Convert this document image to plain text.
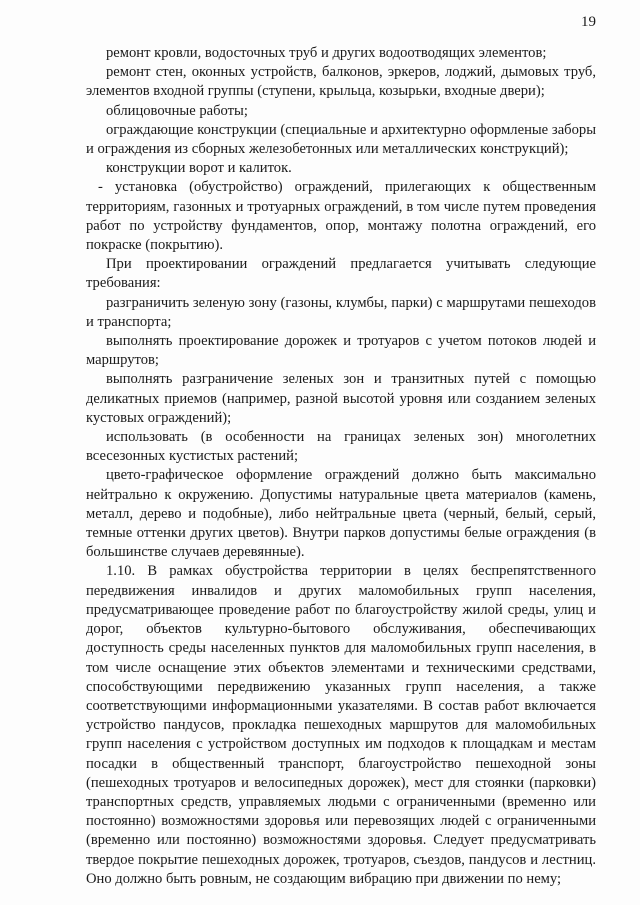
19

ремонт кровли, водосточных труб и других водоотводящих элементов;

ремонт стен, оконных устройств, балконов, эркеров, лоджий, дымовых труб, элементов входной группы (ступени, крыльца, козырьки, входные двери);

облицовочные работы;

ограждающие конструкции (специальные и архитектурно оформленые заборы и ограждения из сборных железобетонных или металлических конструкций);

конструкции ворот и калиток.

- установка (обустройство) ограждений, прилегающих к общественным территориям, газонных и тротуарных ограждений, в том числе путем проведения работ по устройству фундаментов, опор, монтажу полотна ограждений, его покраске (покрытию).

При проектировании ограждений предлагается учитывать следующие требования:

разграничить зеленую зону (газоны, клумбы, парки) с маршрутами пешеходов и транспорта;

выполнять проектирование дорожек и тротуаров с учетом потоков людей и маршрутов;

выполнять разграничение зеленых зон и транзитных путей с помощью деликатных приемов (например, разной высотой уровня или созданием зеленых кустовых ограждений);

использовать (в особенности на границах зеленых зон) многолетних всесезонных кустистых растений;

цвето-графическое оформление ограждений должно быть максимально нейтрально к окружению. Допустимы натуральные цвета материалов (камень, металл, дерево и подобные), либо нейтральные цвета (черный, белый, серый, темные оттенки других цветов). Внутри парков допустимы белые ограждения (в большинстве случаев деревянные).

1.10. В рамках обустройства территории в целях беспрепятственного передвижения инвалидов и других маломобильных групп населения, предусматривающее проведение работ по благоустройству жилой среды, улиц и дорог, объектов культурно-бытового обслуживания, обеспечивающих доступность среды населенных пунктов для маломобильных групп населения, в том числе оснащение этих объектов элементами и техническими средствами, способствующими передвижению указанных групп населения, а также соответствующими информационными указателями. В состав работ включается устройство пандусов, прокладка пешеходных маршрутов для маломобильных групп населения с устройством доступных им подходов к площадкам и местам посадки в общественный транспорт, благоустройство пешеходной зоны (пешеходных тротуаров и велосипедных дорожек), мест для стоянки (парковки) транспортных средств, управляемых людьми с ограниченными (временно или постоянно) возможностями здоровья или перевозящих людей с ограниченными (временно или постоянно) возможностями здоровья. Следует предусматривать твердое покрытие пешеходных дорожек, тротуаров, съездов, пандусов и лестниц. Оно должно быть ровным, не создающим вибрацию при движении по нему;
